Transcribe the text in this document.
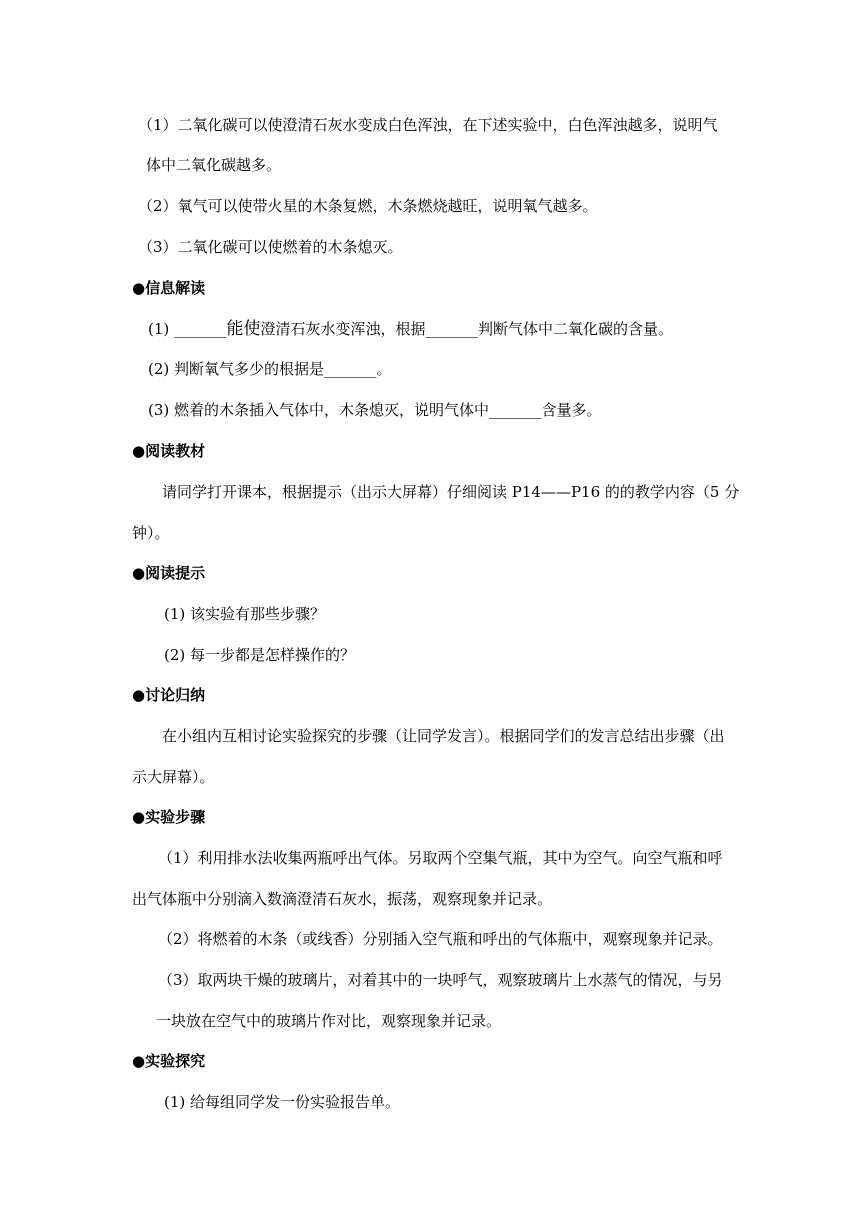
（1）二氧化碳可以使澄清石灰水变成白色浑浊，在下述实验中，白色浑浊越多，说明气
体中二氧化碳越多。
（2）氧气可以使带火星的木条复燃，木条燃烧越旺，说明氧气越多。
（3）二氧化碳可以使燃着的木条熄灭。
●信息解读
(1) _______能使澄清石灰水变浑浊，根据_______判断气体中二氧化碳的含量。
(2) 判断氧气多少的根据是_______。
(3) 燃着的木条插入气体中，木条熄灭，说明气体中_______含量多。
●阅读教材
请同学打开课本，根据提示（出示大屏幕）仔细阅读 P14——P16 的的教学内容（5 分
钟）。
●阅读提示
(1) 该实验有那些步骤？
(2) 每一步都是怎样操作的？
●讨论归纳
在小组内互相讨论实验探究的步骤（让同学发言）。根据同学们的发言总结出步骤（出
示大屏幕）。
●实验步骤
（1）利用排水法收集两瓶呼出气体。另取两个空集气瓶，其中为空气。向空气瓶和呼
出气体瓶中分别滴入数滴澄清石灰水，振荡，观察现象并记录。
（2）将燃着的木条（或线香）分别插入空气瓶和呼出的气体瓶中，观察现象并记录。
（3）取两块干燥的玻璃片，对着其中的一块呼气，观察玻璃片上水蒸气的情况，与另
一块放在空气中的玻璃片作对比，观察现象并记录。
●实验探究
(1) 给每组同学发一份实验报告单。
